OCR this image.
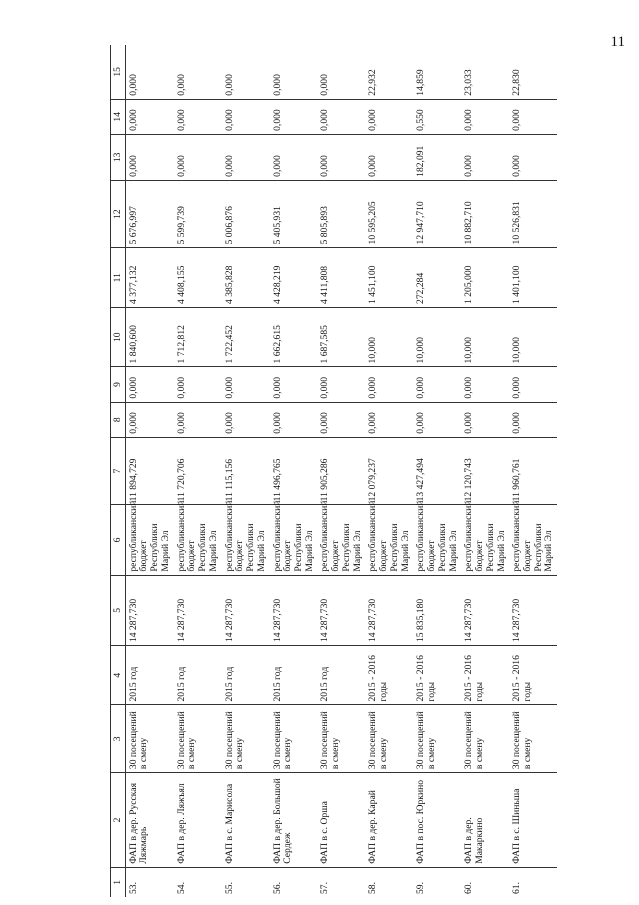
11
1	2	3	4	5	6	7	8	9	10	11	12	13	14	15
53.	ФАП в дер. Русская Ляжмарь	30 посещений в смену	2015 год	14 287,730	республиканский бюджет Республики Марий Эл	11 894,729	0,000	0,000	1 840,600	4 377,132	5 676,997	0,000	0,000	0,000
54.	ФАП в дер. Ляжъял	30 посещений в смену	2015 год	14 287,730	республиканский бюджет Республики Марий Эл	11 720,706	0,000	0,000	1 712,812	4 408,155	5 599,739	0,000	0,000	0,000
55.	ФАП в с. Марисола	30 посещений в смену	2015 год	14 287,730	республиканский бюджет Республики Марий Эл	11 115,156	0,000	0,000	1 722,452	4 385,828	5 006,876	0,000	0,000	0,000
56.	ФАП в дер. Большой Сердеж	30 посещений в смену	2015 год	14 287,730	республиканский бюджет Республики Марий Эл	11 496,765	0,000	0,000	1 662,615	4 428,219	5 405,931	0,000	0,000	0,000
57.	ФАП в с. Орша	30 посещений в смену	2015 год	14 287,730	республиканский бюджет Республики Марий Эл	11 905,286	0,000	0,000	1 687,585	4 411,808	5 805,893	0,000	0,000	0,000
58.	ФАП в дер. Карай	30 посещений в смену	2015 - 2016 годы	14 287,730	республиканский бюджет Республики Марий Эл	12 079,237	0,000	0,000	10,000	1 451,100	10 595,205	0,000	0,000	22,932
59.	ФАП в пос. Юркино	30 посещений в смену	2015 - 2016 годы	15 835,180	республиканский бюджет Республики Марий Эл	13 427,494	0,000	0,000	10,000	272,284	12 947,710	182,091	0,550	14,859
60.	ФАП в дер. Макаркино	30 посещений в смену	2015 - 2016 годы	14 287,730	республиканский бюджет Республики Марий Эл	12 120,743	0,000	0,000	10,000	1 205,000	10 882,710	0,000	0,000	23,033
61.	ФАП в с. Шиньша	30 посещений в смену	2015 - 2016 годы	14 287,730	республиканский бюджет Республики Марий Эл	11 960,761	0,000	0,000	10,000	1 401,100	10 526,831	0,000	0,000	22,830
